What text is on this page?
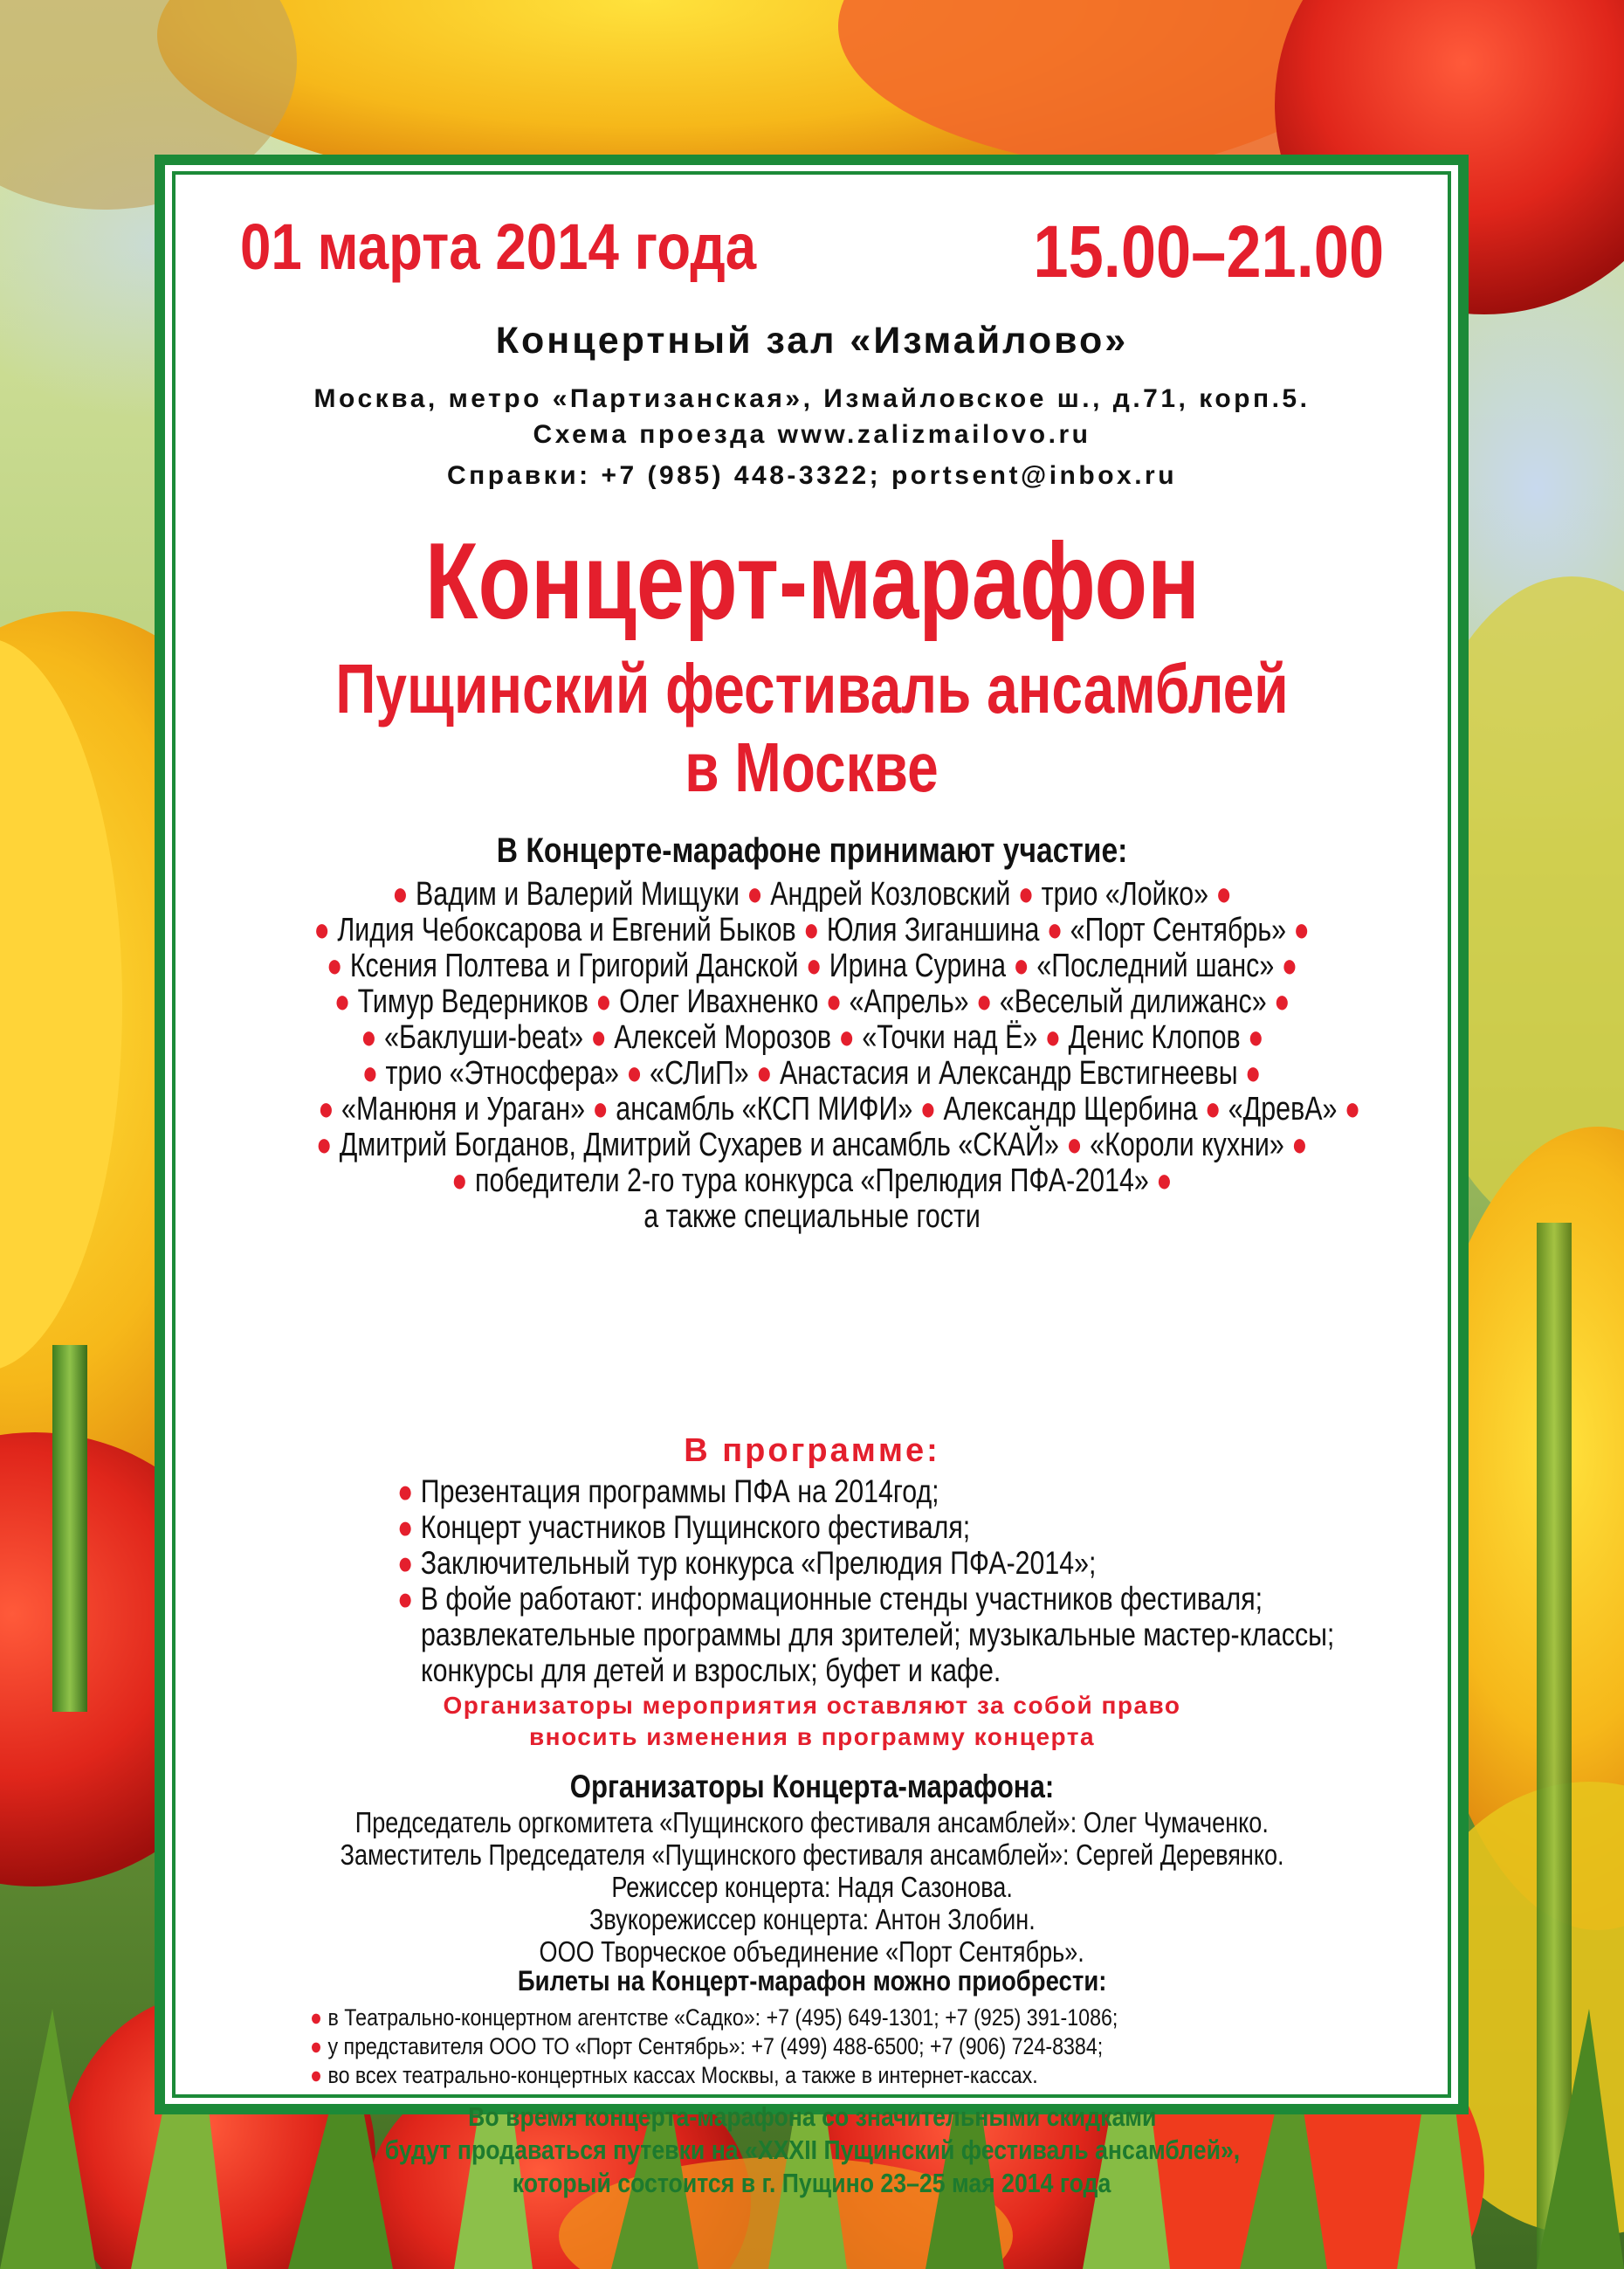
01 марта 2014 года	15.00–21.00
Концертный зал «Измайлово»
Москва, метро «Партизанская», Измайловское ш., д.71, корп.5.
Схема проезда www.zalizmailovo.ru
Справки: +7 (985) 448-3322; portsent@inbox.ru
Концерт-марафон
Пущинский фестиваль ансамблей
в Москве
В Концерте-марафоне принимают участие:
● Вадим и Валерий Мищуки ● Андрей Козловский ● трио «Лойко» ●
● Лидия Чебоксарова и Евгений Быков ● Юлия Зиганшина ● «Порт Сентябрь» ●
● Ксения Полтева и Григорий Данской ● Ирина Сурина ● «Последний шанс» ●
● Тимур Ведерников ● Олег Ивахненко ● «Апрель» ● «Веселый дилижанс» ●
● «Баклуши-beat» ● Алексей Морозов ● «Точки над Ё» ● Денис Клопов ●
● трио «Этносфера» ● «СЛиП» ● Анастасия и Александр Евстигнеевы ●
● «Манюня и Ураган» ● ансамбль «КСП МИФИ» ● Александр Щербина ● «ДревА» ●
● Дмитрий Богданов, Дмитрий Сухарев и ансамбль «СКАЙ» ● «Короли кухни» ●
● победители 2-го тура конкурса «Прелюдия ПФА-2014» ●
а также специальные гости
В программе:
● Презентация программы ПФА на 2014год;
● Концерт участников Пущинского фестиваля;
● Заключительный тур конкурса «Прелюдия ПФА-2014»;
● В фойе работают: информационные стенды участников фестиваля;
развлекательные программы для зрителей; музыкальные мастер-классы;
конкурсы для детей и взрослых; буфет и кафе.
Организаторы мероприятия оставляют за собой право
вносить изменения в программу концерта
Организаторы Концерта-марафона:
Председатель оргкомитета «Пущинского фестиваля ансамблей»: Олег Чумаченко.
Заместитель Председателя «Пущинского фестиваля ансамблей»: Сергей Деревянко.
Режиссер концерта: Надя Сазонова.
Звукорежиссер концерта: Антон Злобин.
ООО Творческое объединение «Порт Сентябрь».
Билеты на Концерт-марафон можно приобрести:
● в Театрально-концертном агентстве «Садко»: +7 (495) 649-1301; +7 (925) 391-1086;
● у представителя ООО ТО «Порт Сентябрь»: +7 (499) 488-6500; +7 (906) 724-8384;
● во всех театрально-концертных кассах Москвы, а также в интернет-кассах.
Во время концерта-марафона со значительными скидками
будут продаваться путевки на «XXXII Пущинский фестиваль ансамблей»,
который состоится в г. Пущино 23–25 мая 2014 года
